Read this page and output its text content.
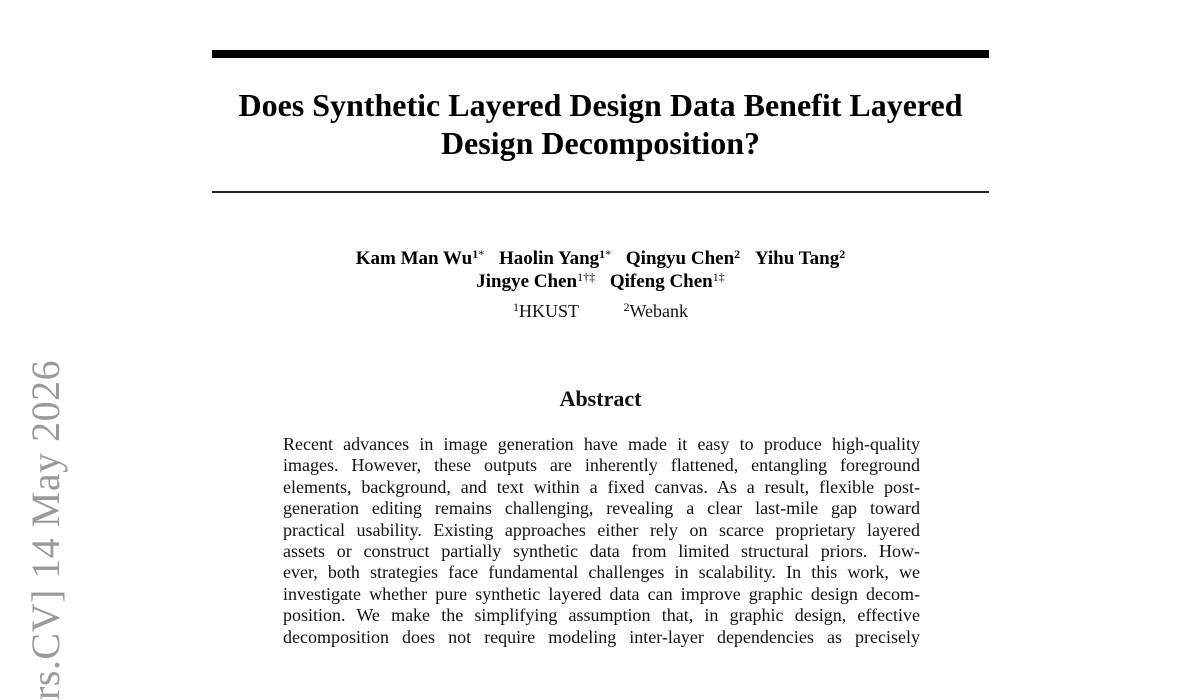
Does Synthetic Layered Design Data Benefit Layered
Design Decomposition?
Kam Man $Wu^{1*}$ Haolin Yang$^{1*}$ Qingyu Chen$^2$ Yihu Tang$^2$
Jingye Chen$^{1\dagger\ddagger}$ Qifeng Chen$^{1\ddagger}$
$^1$HKUST	$^2$Webank
Abstract
Recent advances in image generation have made it easy to produce high-quality
images. However, these outputs are inherently flattened, entangling foreground
elements, background, and text within a fixed canvas. As a result, flexible post-
generation editing remains challenging, revealing a clear last-mile gap toward
practical usability. Existing approaches either rely on scarce proprietary layered
assets or construct partially synthetic data from limited structural priors. How-
ever, both strategies face fundamental challenges in scalability. In this work, we
investigate whether pure synthetic layered data can improve graphic design decom-
position. We make the simplifying assumption that, in graphic design, effective
decomposition does not require modeling inter-layer dependencies as precisely
rs.CV] 14 May 2026
